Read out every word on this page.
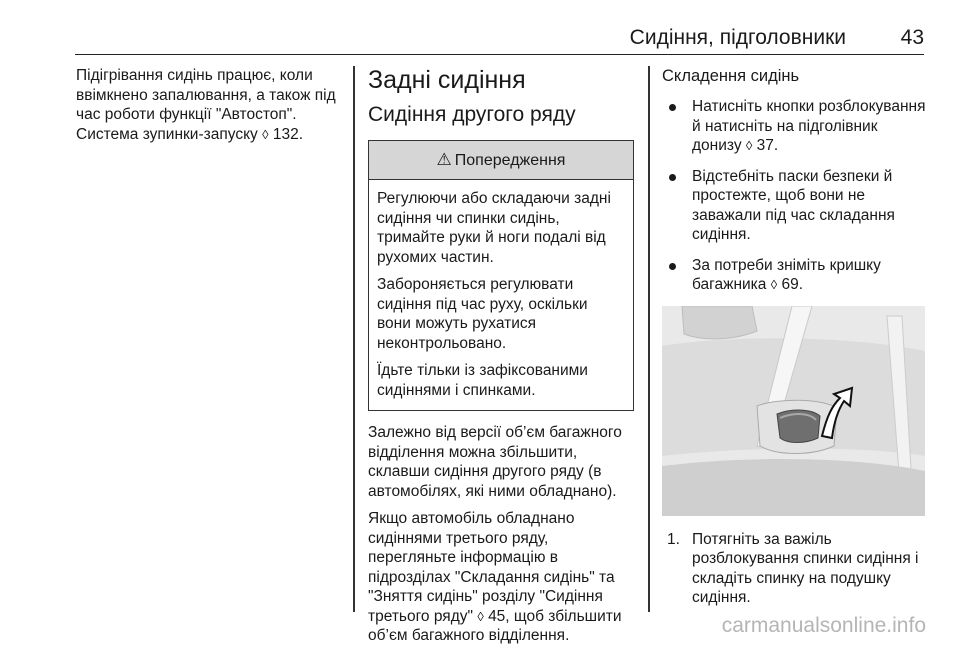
Сидіння, підголовники	43

Підігрівання сидінь працює, коли ввімкнено запалювання, а також під час роботи функції "Автостоп". Система зупинки-запуску ◊ 132.

Задні сидіння
Сидіння другого ряду
⚠ Попередження

Регулюючи або складаючи задні сидіння чи спинки сидінь, тримайте руки й ноги подалі від рухомих частин.

Забороняється регулювати сидіння під час руху, оскільки вони можуть рухатися неконтрольовано.

Їдьте тільки із зафіксованими сидіннями і спинками.

Залежно від версії об’єм багажного відділення можна збільшити, склавши сидіння другого ряду (в автомобілях, які ними обладнано).

Якщо автомобіль обладнано сидіннями третього ряду, перегляньте інформацію в підрозділах "Складання сидінь" та "Зняття сидінь" розділу "Сидіння третього ряду" ◊ 45, щоб збільшити об’єм багажного відділення.

Складення сидінь
Натисніть кнопки розблокування й натисніть на підголівник донизу ◊ 37.
Відстебніть паски безпеки й простежте, щоб вони не заважали під час складання сидіння.
За потреби зніміть кришку багажника ◊ 69.
1. Потягніть за важіль розблокування спинки сидіння і складіть спинку на подушку сидіння.
carmanualsonline.info
